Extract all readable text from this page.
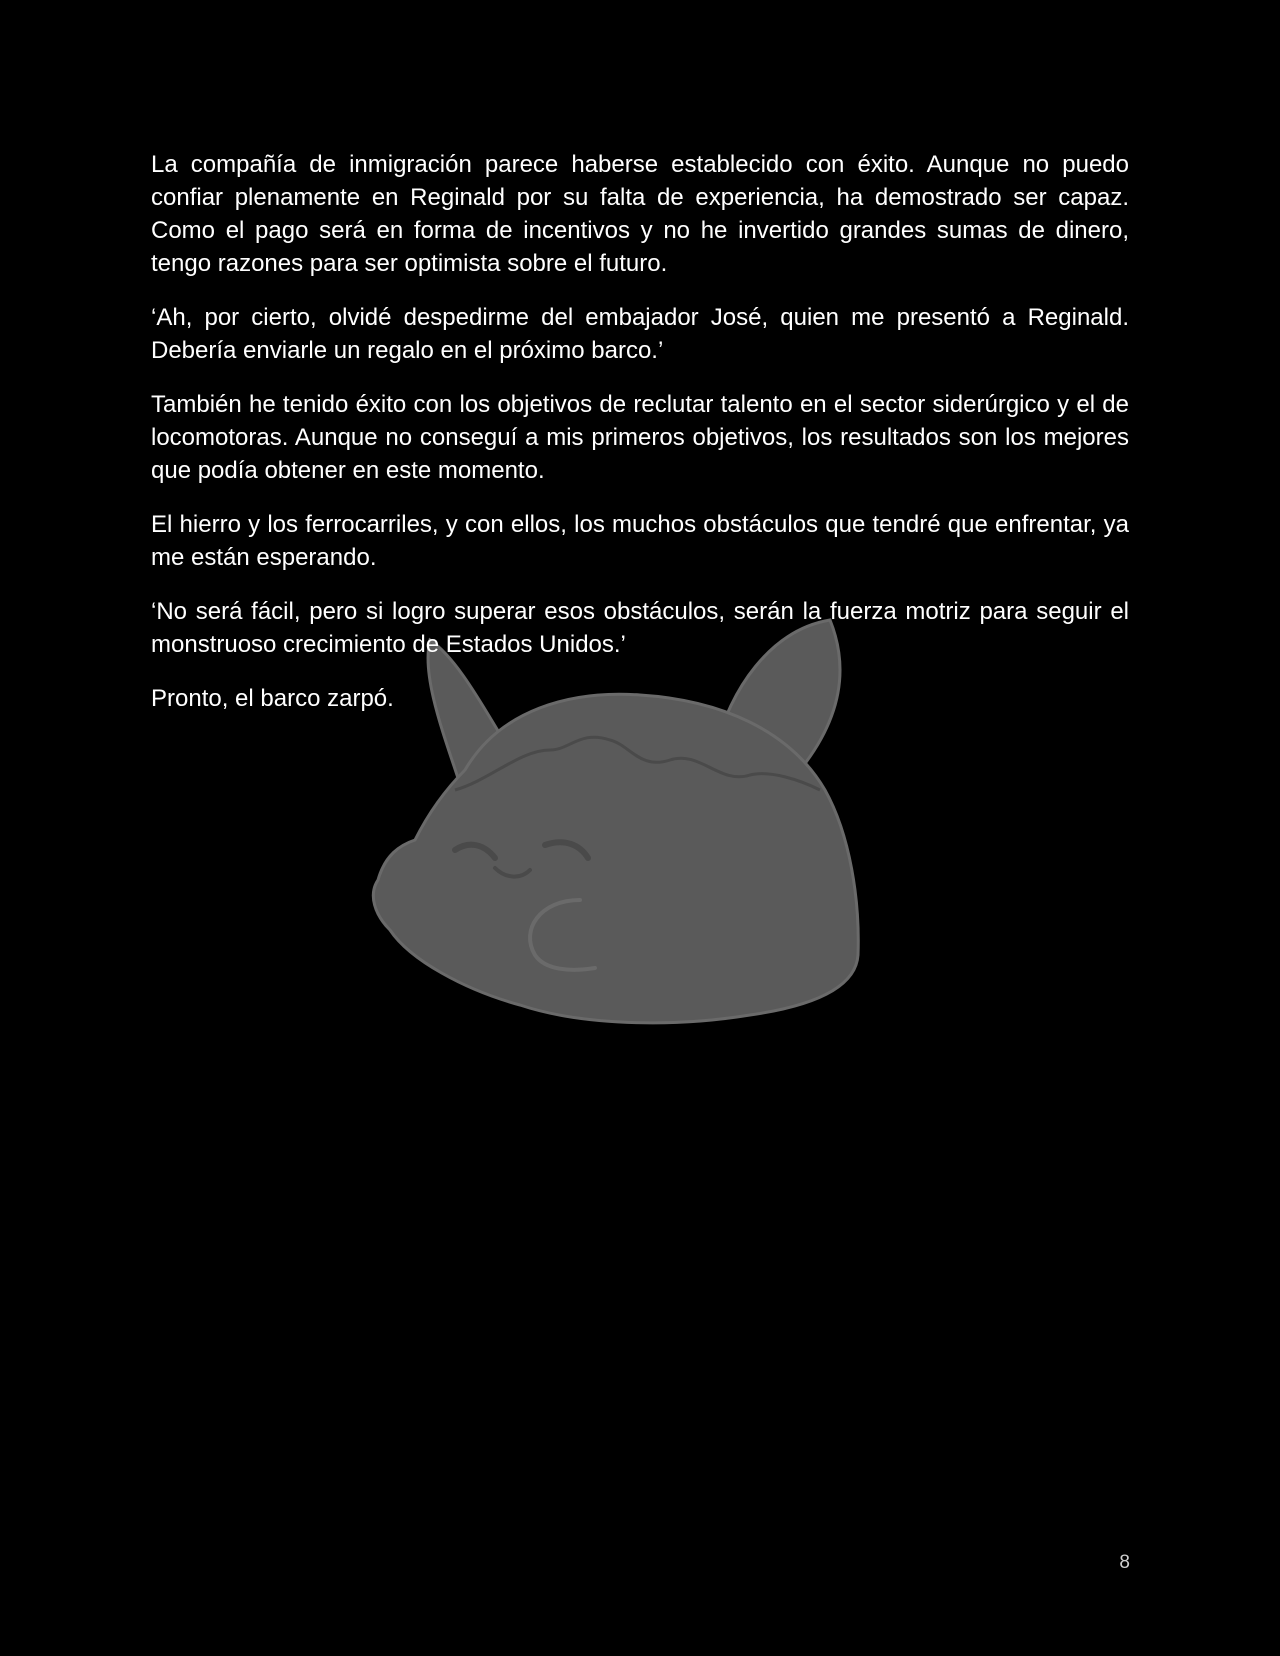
La compañía de inmigración parece haberse establecido con éxito. Aunque no puedo confiar plenamente en Reginald por su falta de experiencia, ha demostrado ser capaz. Como el pago será en forma de incentivos y no he invertido grandes sumas de dinero, tengo razones para ser optimista sobre el futuro.

‘Ah, por cierto, olvidé despedirme del embajador José, quien me presentó a Reginald. Debería enviarle un regalo en el próximo barco.’

También he tenido éxito con los objetivos de reclutar talento en el sector siderúrgico y el de locomotoras. Aunque no conseguí a mis primeros objetivos, los resultados son los mejores que podía obtener en este momento.

El hierro y los ferrocarriles, y con ellos, los muchos obstáculos que tendré que enfrentar, ya me están esperando.

‘No será fácil, pero si logro superar esos obstáculos, serán la fuerza motriz para seguir el monstruoso crecimiento de Estados Unidos.’

Pronto, el barco zarpó.

8
